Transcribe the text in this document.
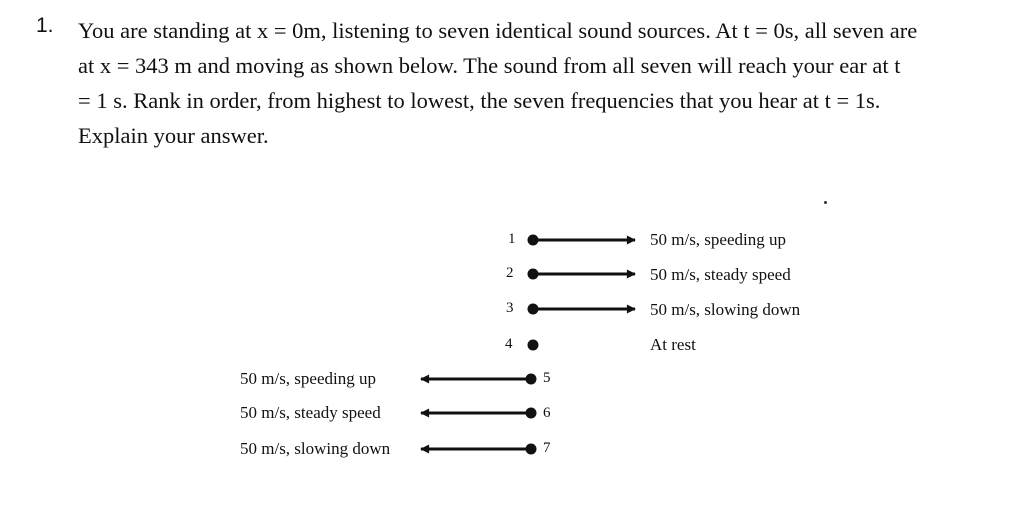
1. You are standing at x = 0m, listening to seven identical sound sources. At t = 0s, all seven are
at x = 343 m and moving as shown below. The sound from all seven will reach your ear at t
= 1 s. Rank in order, from highest to lowest, the seven frequencies that you hear at t = 1s.
Explain your answer.
1
2
3
4
5
6
7
50 m/s, speeding up
50 m/s, steady speed
50 m/s, slowing down
At rest
50 m/s, speeding up
50 m/s, steady speed
50 m/s, slowing down
